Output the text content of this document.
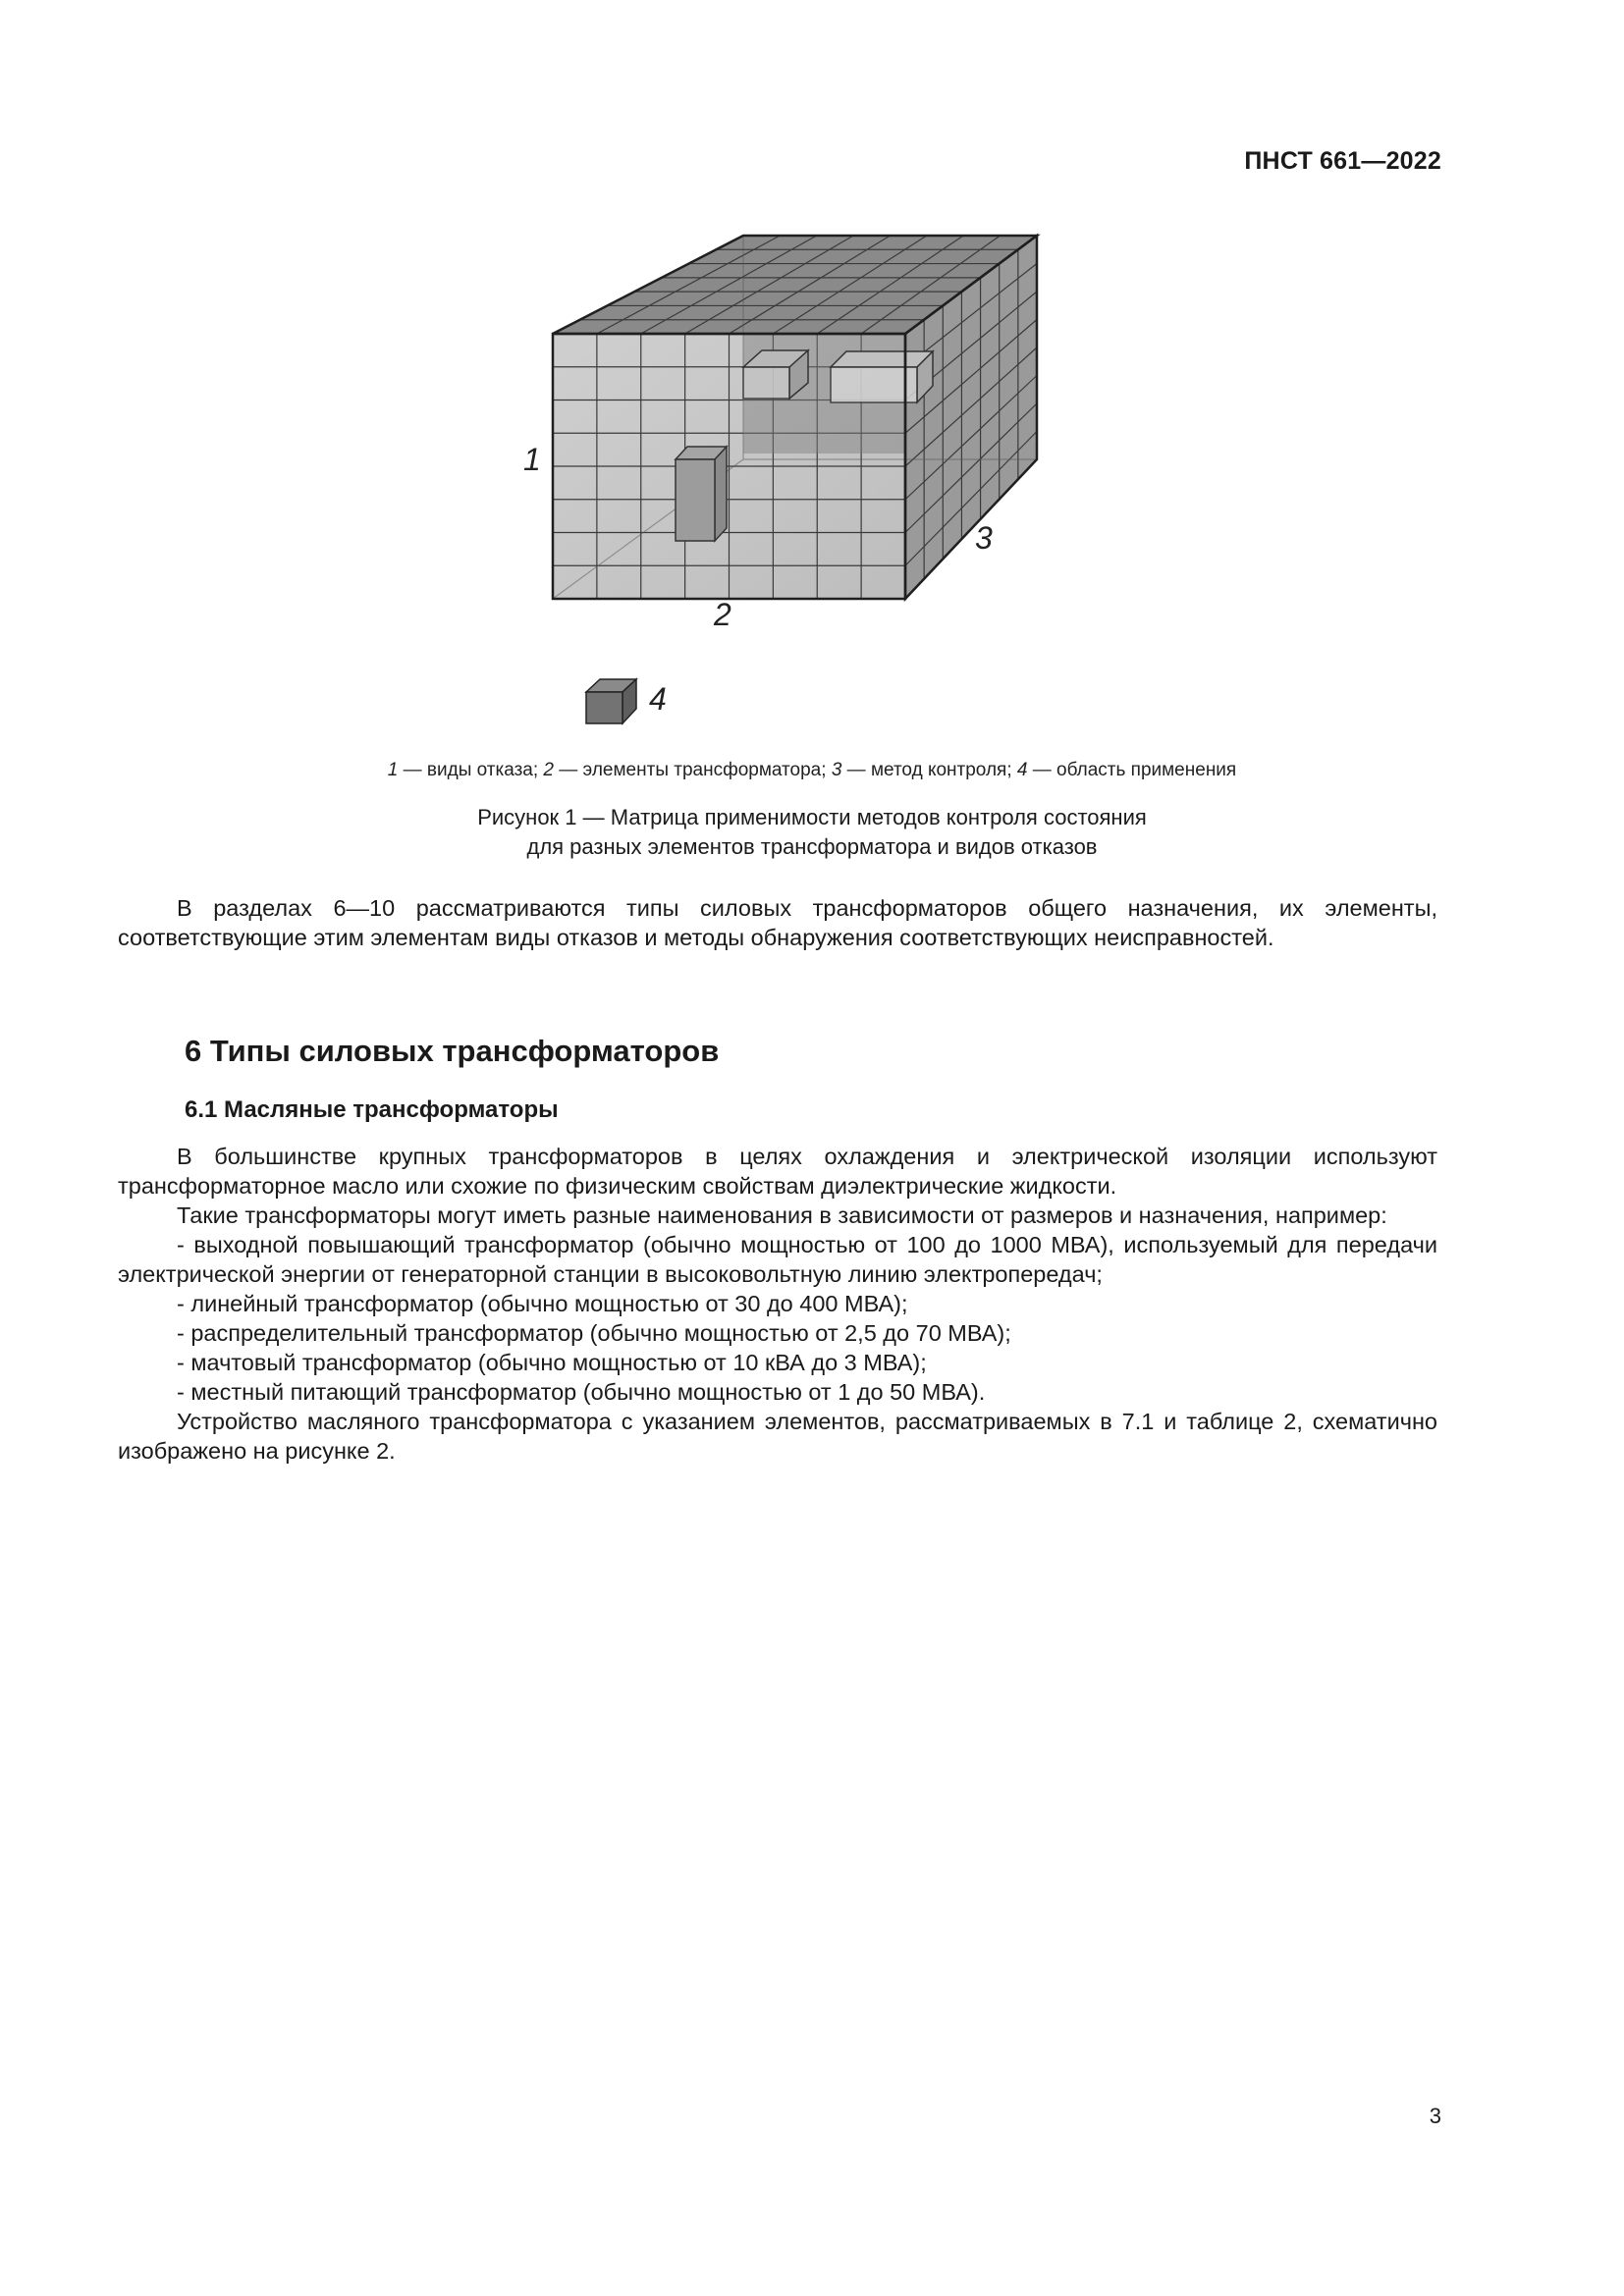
ПНСТ 661—2022
1
2
3
4
1 — виды отказа; 2 — элементы трансформатора; 3 — метод контроля; 4 — область применения
Рисунок 1 — Матрица применимости методов контроля состояния
для разных элементов трансформатора и видов отказов

В разделах 6—10 рассматриваются типы силовых трансформаторов общего назначения, их элементы, соответствующие этим элементам виды отказов и методы обнаружения соответствующих неисправностей.

6 Типы силовых трансформаторов
6.1 Масляные трансформаторы

В большинстве крупных трансформаторов в целях охлаждения и электрической изоляции используют трансформаторное масло или схожие по физическим свойствам диэлектрические жидкости.

Такие трансформаторы могут иметь разные наименования в зависимости от размеров и назначения, например:

- выходной повышающий трансформатор (обычно мощностью от 100 до 1000 МВА), используемый для передачи электрической энергии от генераторной станции в высоковольтную линию электропередач;

- линейный трансформатор (обычно мощностью от 30 до 400 МВА);

- распределительный трансформатор (обычно мощностью от 2,5 до 70 МВА);

- мачтовый трансформатор (обычно мощностью от 10 кВА до 3 МВА);

- местный питающий трансформатор (обычно мощностью от 1 до 50 МВА).

Устройство масляного трансформатора с указанием элементов, рассматриваемых в 7.1 и таблице 2, схематично изображено на рисунке 2.

3
